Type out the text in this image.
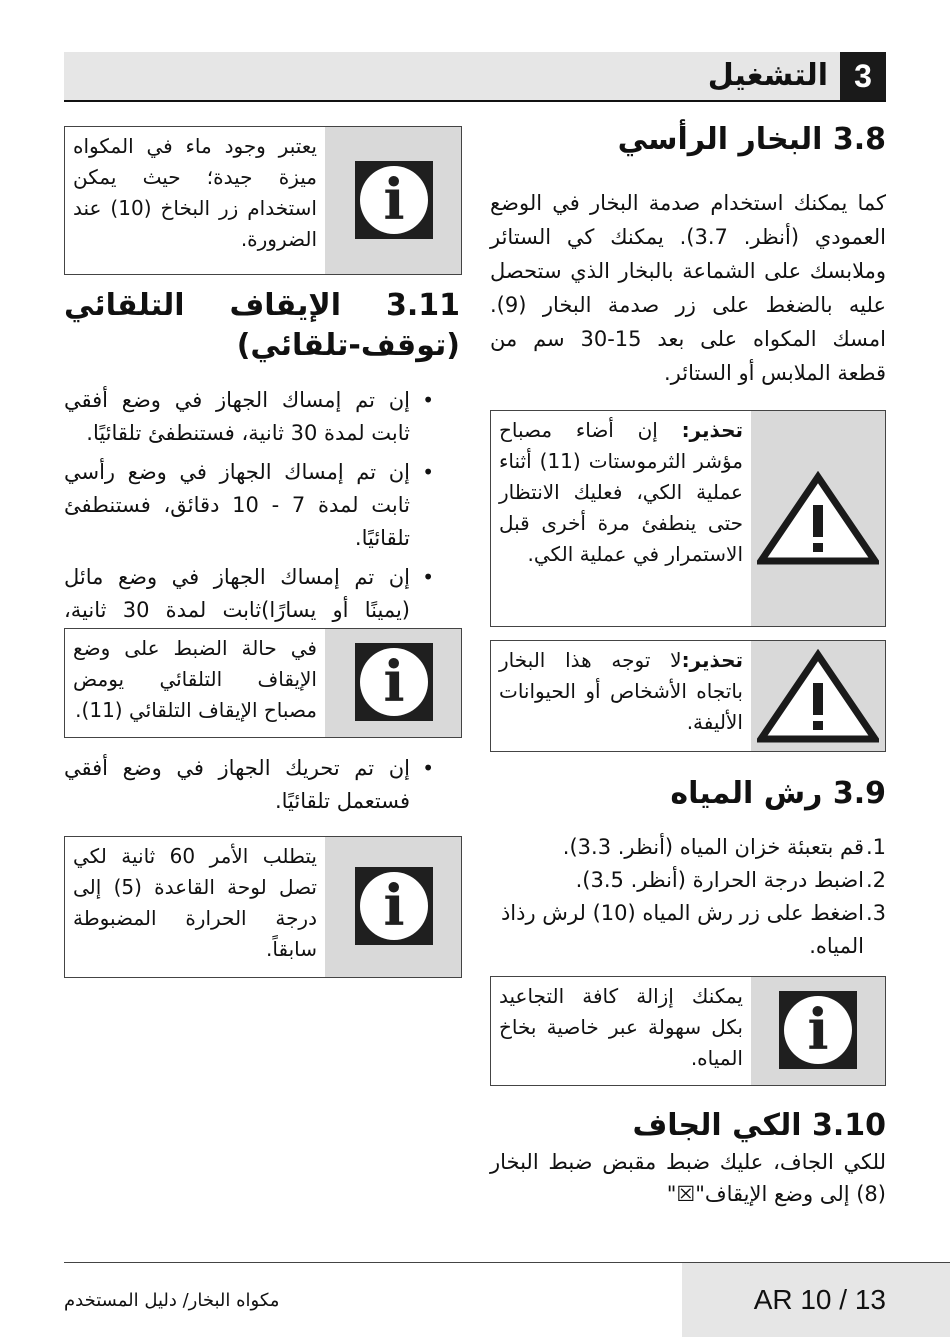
3
التشغيل
3.8 البخار الرأسي
كما يمكنك استخدام صدمة البخار في الوضع العمودي (أنظر. 3.7). يمكنك كي الستائر وملابسك على الشماعة بالبخار الذي ستحصل عليه بالضغط على زر صدمة البخار (9). امسك المكواه على بعد 15-30 سم من قطعة الملابس أو الستائر.
تحذير: إن أضاء مصباح مؤشر الثرموستات (11) أثناء عملية الكي، فعليك الانتظار حتى ينطفئ مرة أخرى قبل الاستمرار في عملية الكي.
تحذير:لا توجه هذا البخار باتجاه الأشخاص أو الحيوانات الأليفة.
3.9 رش المياه
1.
قم بتعبئة خزان المياه (أنظر. 3.3).
2.
اضبط درجة الحرارة (أنظر. 3.5).
3.
اضغط على زر رش المياه (10) لرش رذاذ المياه.
i
يمكنك إزالة كافة التجاعيد بكل سهولة عبر خاصية بخاخ المياه.
3.10 الكي الجاف
للكي الجاف، عليك ضبط مقبض ضبط البخار (8) إلى وضع الإيقاف"☒"
i
يعتبر وجود ماء في المكواه ميزة جيدة؛ حيث يمكن استخدام زر البخاخ (10) عند الضرورة.
3.11 الإيقاف التلقائي (توقف-تلقائي)
•
إن تم إمساك الجهاز في وضع أفقي ثابت لمدة 30 ثانية، فستنطفئ تلقائيًا.
•
إن تم إمساك الجهاز في وضع رأسي ثابت لمدة 7 - 10 دقائق، فستنطفئ تلقائيًا.
•
إن تم إمساك الجهاز في وضع مائل (يمينًا أو يسارًا)ثابت لمدة 30 ثانية،
i
في حالة الضبط على وضع الإيقاف التلقائي يومض مصباح الإيقاف التلقائي (11).
•
إن تم تحريك الجهاز في وضع أفقي فستعمل تلقائيًا.
i
يتطلب الأمر 60 ثانية لكي تصل لوحة القاعدة (5) إلى درجة الحرارة المضبوطة سابقاً.
AR 10 / 13
مكواه البخار/ دليل المستخدم
